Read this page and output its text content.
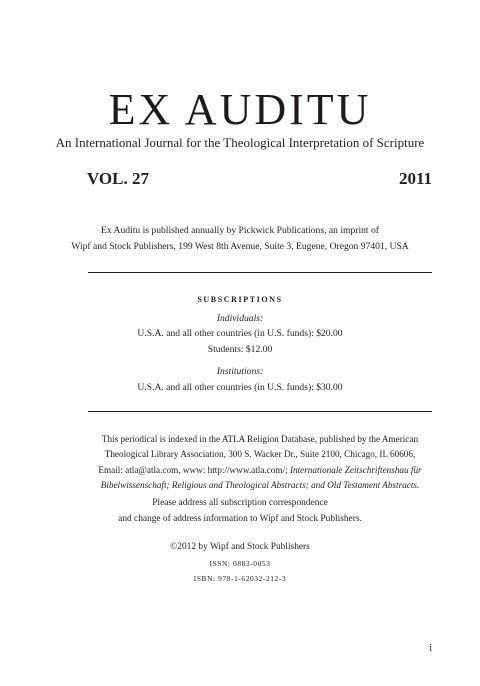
EX AUDITU
An International Journal for the Theological Interpretation of Scripture
VOL. 27	2011
Ex Auditu is published annually by Pickwick Publications, an imprint of
Wipf and Stock Publishers, 199 West 8th Avenue, Suite 3, Eugene, Oregon 97401, USA
SUBSCRIPTIONS
Individuals:
U.S.A. and all other countries (in U.S. funds): $20.00
Students: $12.00
Institutions:
U.S.A. and all other countries (in U.S. funds): $30.00
This periodical is indexed in the ATLA Religion Database, published by the American
Theological Library Association, 300 S. Wacker Dr., Suite 2100, Chicago, IL 60606,
Email: atla@atla.com, www: http://www.atla.com/; Internationale Zeitschriftenshau für
Bibelwissenschaft; Religious and Theological Abstracts; and Old Testament Abstracts.
Please address all subscription correspondence
and change of address information to Wipf and Stock Publishers.
©2012 by Wipf and Stock Publishers
ISSN: 0883-0053
ISBN: 978-1-62032-212-3
i
